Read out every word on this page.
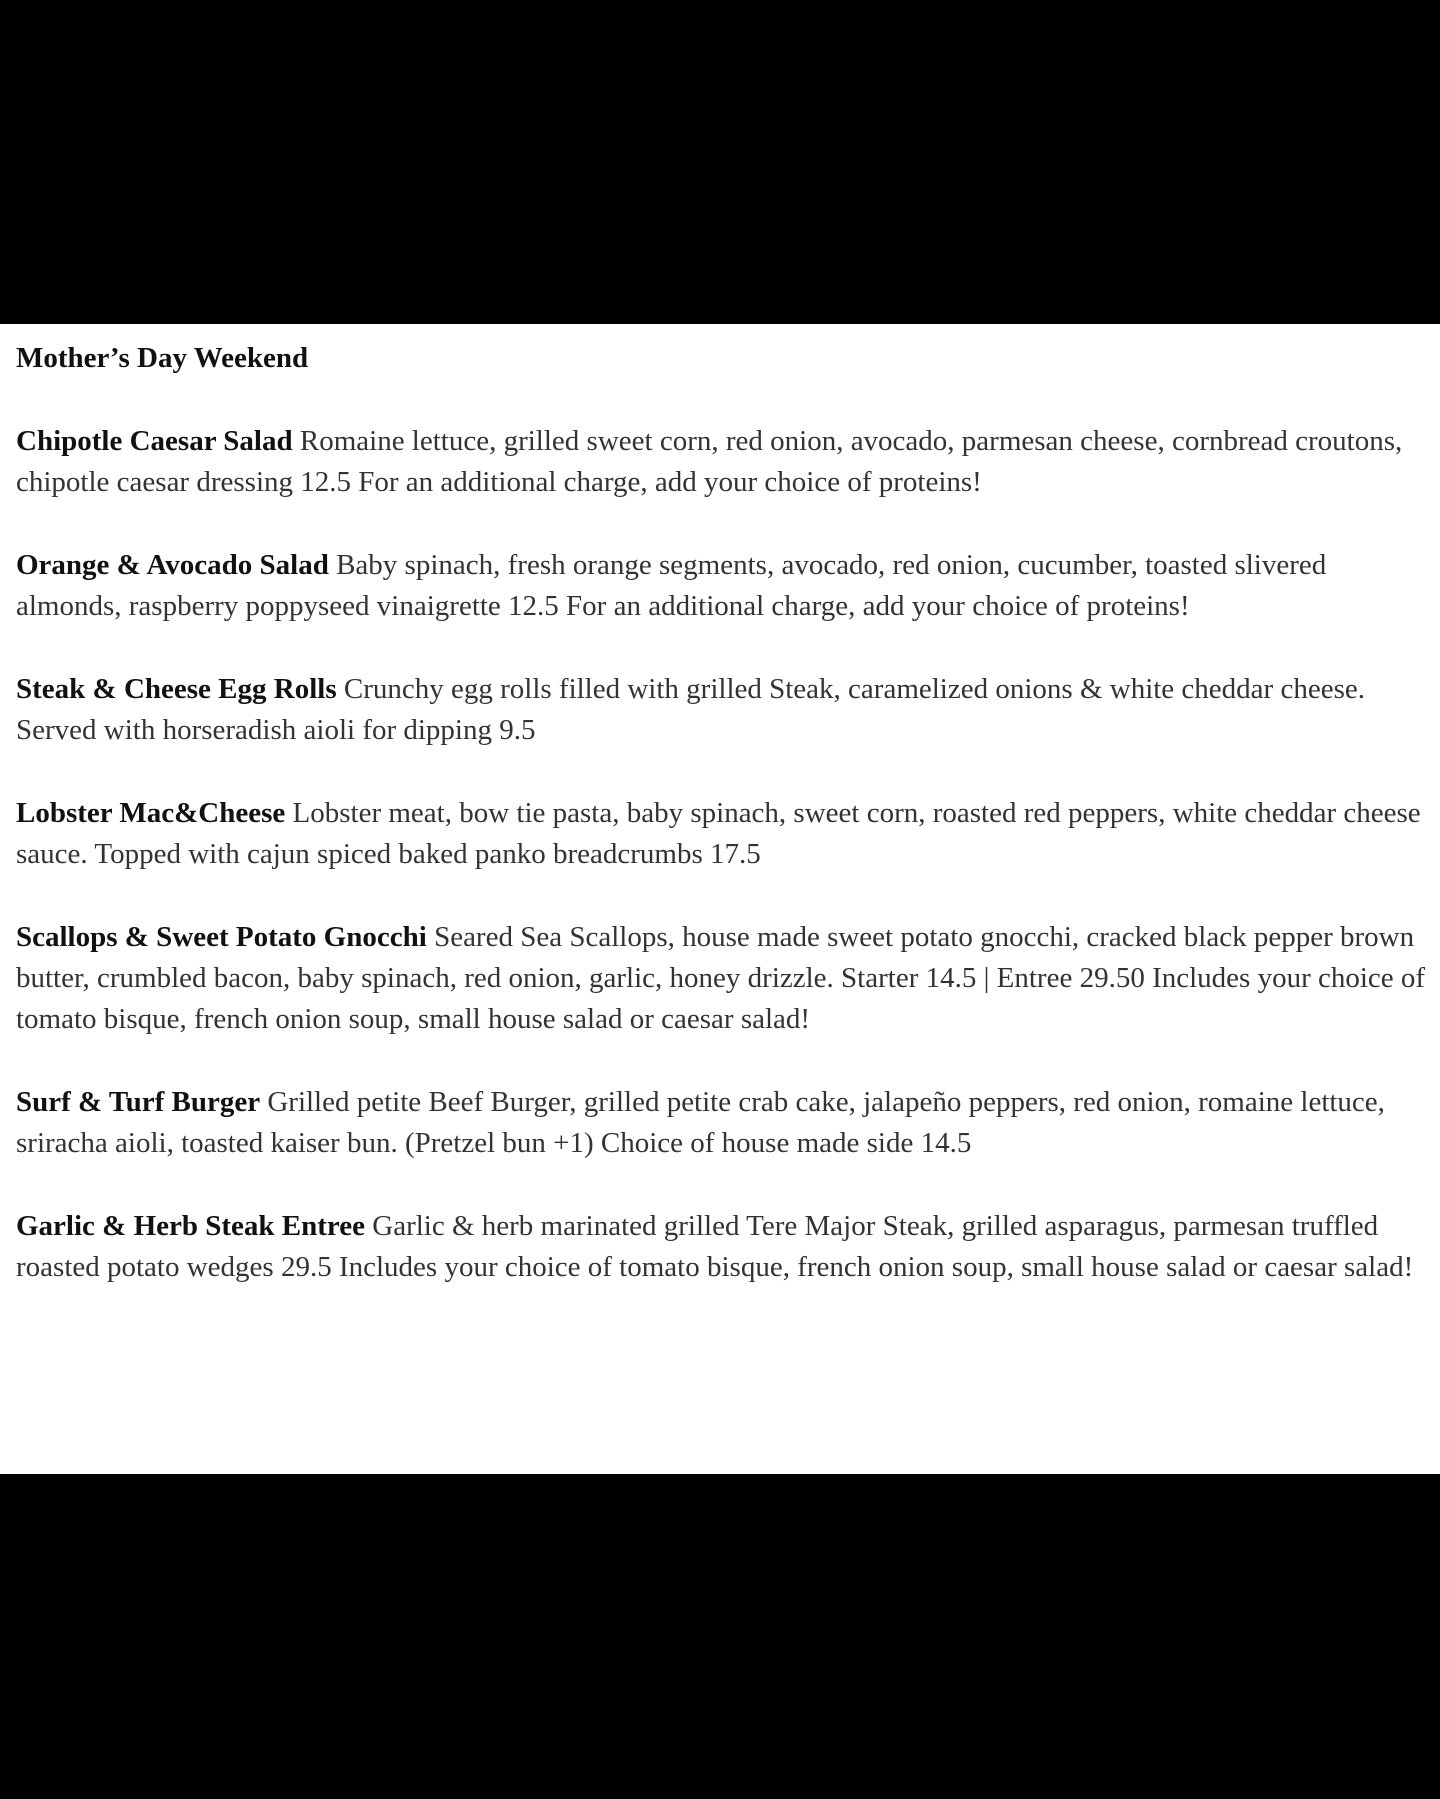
Mother’s Day Weekend
Chipotle Caesar Salad Romaine lettuce, grilled sweet corn, red onion, avocado, parmesan cheese, cornbread croutons, chipotle caesar dressing 12.5 For an additional charge, add your choice of proteins!
Orange & Avocado Salad Baby spinach, fresh orange segments, avocado, red onion, cucumber, toasted slivered almonds, raspberry poppyseed vinaigrette 12.5 For an additional charge, add your choice of proteins!
Steak & Cheese Egg Rolls Crunchy egg rolls filled with grilled Steak, caramelized onions & white cheddar cheese. Served with horseradish aioli for dipping 9.5
Lobster Mac&Cheese Lobster meat, bow tie pasta, baby spinach, sweet corn, roasted red peppers, white cheddar cheese sauce. Topped with cajun spiced baked panko breadcrumbs 17.5
Scallops & Sweet Potato Gnocchi Seared Sea Scallops, house made sweet potato gnocchi, cracked black pepper brown butter, crumbled bacon, baby spinach, red onion, garlic, honey drizzle. Starter 14.5 | Entree 29.50 Includes your choice of tomato bisque, french onion soup, small house salad or caesar salad!
Surf & Turf Burger Grilled petite Beef Burger, grilled petite crab cake, jalapeño peppers, red onion, romaine lettuce, sriracha aioli, toasted kaiser bun. (Pretzel bun +1) Choice of house made side 14.5
Garlic & Herb Steak Entree Garlic & herb marinated grilled Tere Major Steak, grilled asparagus, parmesan truffled roasted potato wedges 29.5 Includes your choice of tomato bisque, french onion soup, small house salad or caesar salad!
